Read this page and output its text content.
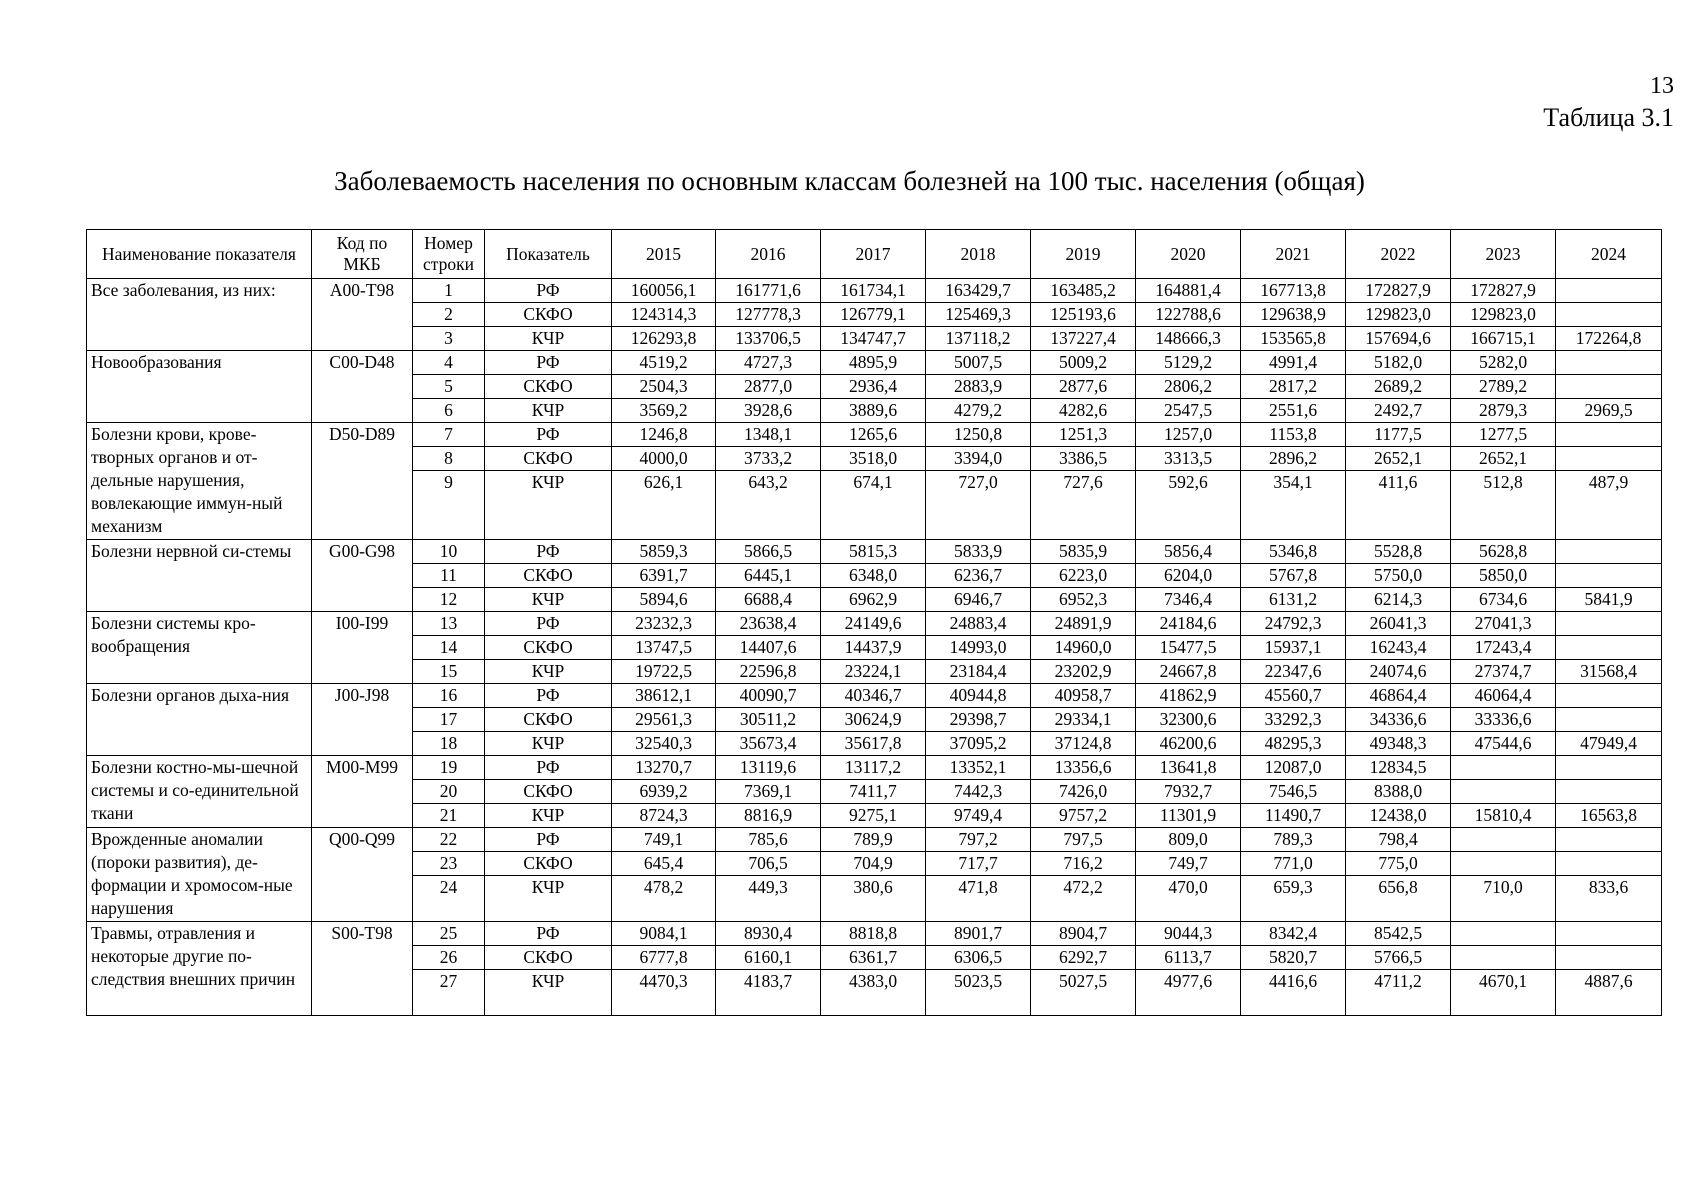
13
Таблица 3.1
Заболеваемость населения по основным классам болезней на 100 тыс. населения (общая)
Наименование показателя	Код по МКБ	Номер строки	Показатель	2015	2016	2017	2018	2019	2020	2021	2022	2023	2024
Все заболевания, из них:	A00-T98	1	РФ	160056,1	161771,6	161734,1	163429,7	163485,2	164881,4	167713,8	172827,9	172827,9	
		2	СКФО	124314,3	127778,3	126779,1	125469,3	125193,6	122788,6	129638,9	129823,0	129823,0	
		3	КЧР	126293,8	133706,5	134747,7	137118,2	137227,4	148666,3	153565,8	157694,6	166715,1	172264,8
Новообразования	C00-D48	4	РФ	4519,2	4727,3	4895,9	5007,5	5009,2	5129,2	4991,4	5182,0	5282,0	
		5	СКФО	2504,3	2877,0	2936,4	2883,9	2877,6	2806,2	2817,2	2689,2	2789,2	
		6	КЧР	3569,2	3928,6	3889,6	4279,2	4282,6	2547,5	2551,6	2492,7	2879,3	2969,5
Болезни крови, крове-творных органов и от-дельные нарушения, вовлекающие иммун-ный механизм	D50-D89	7	РФ	1246,8	1348,1	1265,6	1250,8	1251,3	1257,0	1153,8	1177,5	1277,5	
		8	СКФО	4000,0	3733,2	3518,0	3394,0	3386,5	3313,5	2896,2	2652,1	2652,1	
		9	КЧР	626,1	643,2	674,1	727,0	727,6	592,6	354,1	411,6	512,8	487,9
Болезни нервной си-стемы	G00-G98	10	РФ	5859,3	5866,5	5815,3	5833,9	5835,9	5856,4	5346,8	5528,8	5628,8	
		11	СКФО	6391,7	6445,1	6348,0	6236,7	6223,0	6204,0	5767,8	5750,0	5850,0	
		12	КЧР	5894,6	6688,4	6962,9	6946,7	6952,3	7346,4	6131,2	6214,3	6734,6	5841,9
Болезни системы кро-вообращения	I00-I99	13	РФ	23232,3	23638,4	24149,6	24883,4	24891,9	24184,6	24792,3	26041,3	27041,3	
		14	СКФО	13747,5	14407,6	14437,9	14993,0	14960,0	15477,5	15937,1	16243,4	17243,4	
		15	КЧР	19722,5	22596,8	23224,1	23184,4	23202,9	24667,8	22347,6	24074,6	27374,7	31568,4
Болезни органов дыха-ния	J00-J98	16	РФ	38612,1	40090,7	40346,7	40944,8	40958,7	41862,9	45560,7	46864,4	46064,4	
		17	СКФО	29561,3	30511,2	30624,9	29398,7	29334,1	32300,6	33292,3	34336,6	33336,6	
		18	КЧР	32540,3	35673,4	35617,8	37095,2	37124,8	46200,6	48295,3	49348,3	47544,6	47949,4
Болезни костно-мы-шечной системы и со-единительной ткани	M00-M99	19	РФ	13270,7	13119,6	13117,2	13352,1	13356,6	13641,8	12087,0	12834,5		
		20	СКФО	6939,2	7369,1	7411,7	7442,3	7426,0	7932,7	7546,5	8388,0		
		21	КЧР	8724,3	8816,9	9275,1	9749,4	9757,2	11301,9	11490,7	12438,0	15810,4	16563,8
Врожденные аномалии (пороки развития), де-формации и хромосом-ные нарушения	Q00-Q99	22	РФ	749,1	785,6	789,9	797,2	797,5	809,0	789,3	798,4		
		23	СКФО	645,4	706,5	704,9	717,7	716,2	749,7	771,0	775,0		
		24	КЧР	478,2	449,3	380,6	471,8	472,2	470,0	659,3	656,8	710,0	833,6
Травмы, отравления и некоторые другие по-следствия внешних причин	S00-T98	25	РФ	9084,1	8930,4	8818,8	8901,7	8904,7	9044,3	8342,4	8542,5		
		26	СКФО	6777,8	6160,1	6361,7	6306,5	6292,7	6113,7	5820,7	5766,5		
		27	КЧР	4470,3	4183,7	4383,0	5023,5	5027,5	4977,6	4416,6	4711,2	4670,1	4887,6
